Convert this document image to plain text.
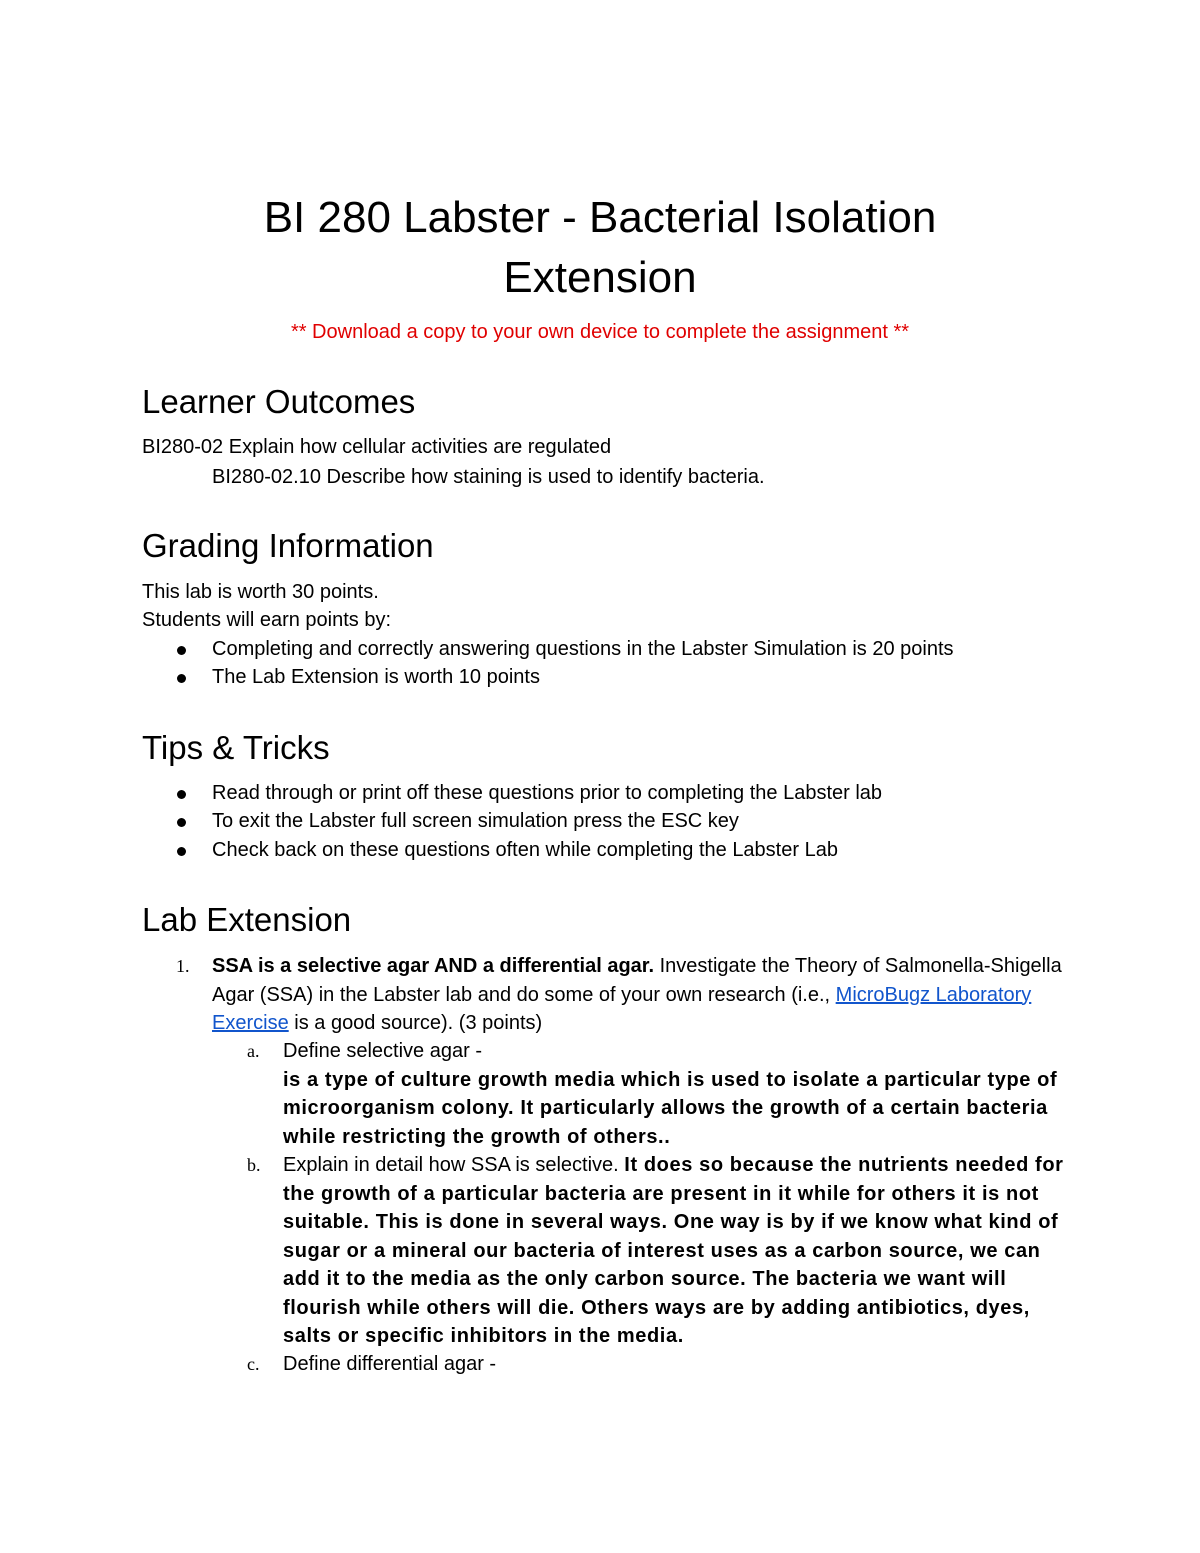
BI 280 Labster - Bacterial Isolation
Extension
** Download a copy to your own device to complete the assignment **
Learner Outcomes
BI280-02 Explain how cellular activities are regulated
BI280-02.10 Describe how staining is used to identify bacteria.
Grading Information
This lab is worth 30 points.
Students will earn points by:
Completing and correctly answering questions in the Labster Simulation is 20 points
The Lab Extension is worth 10 points
Tips & Tricks
Read through or print off these questions prior to completing the Labster lab
To exit the Labster full screen simulation press the ESC key
Check back on these questions often while completing the Labster Lab
Lab Extension
1. SSA is a selective agar AND a differential agar. Investigate the Theory of Salmonella-Shigella Agar (SSA) in the Labster lab and do some of your own research (i.e., MicroBugz Laboratory Exercise is a good source). (3 points)
a. Define selective agar -
is a type of culture growth media which is used to isolate a particular type of microorganism colony. It particularly allows the growth of a certain bacteria while restricting the growth of others..
b. Explain in detail how SSA is selective. It does so because the nutrients needed for the growth of a particular bacteria are present in it while for others it is not suitable. This is done in several ways. One way is by if we know what kind of sugar or a mineral our bacteria of interest uses as a carbon source, we can add it to the media as the only carbon source. The bacteria we want will flourish while others will die. Others ways are by adding antibiotics, dyes, salts or specific inhibitors in the media.
c. Define differential agar -
